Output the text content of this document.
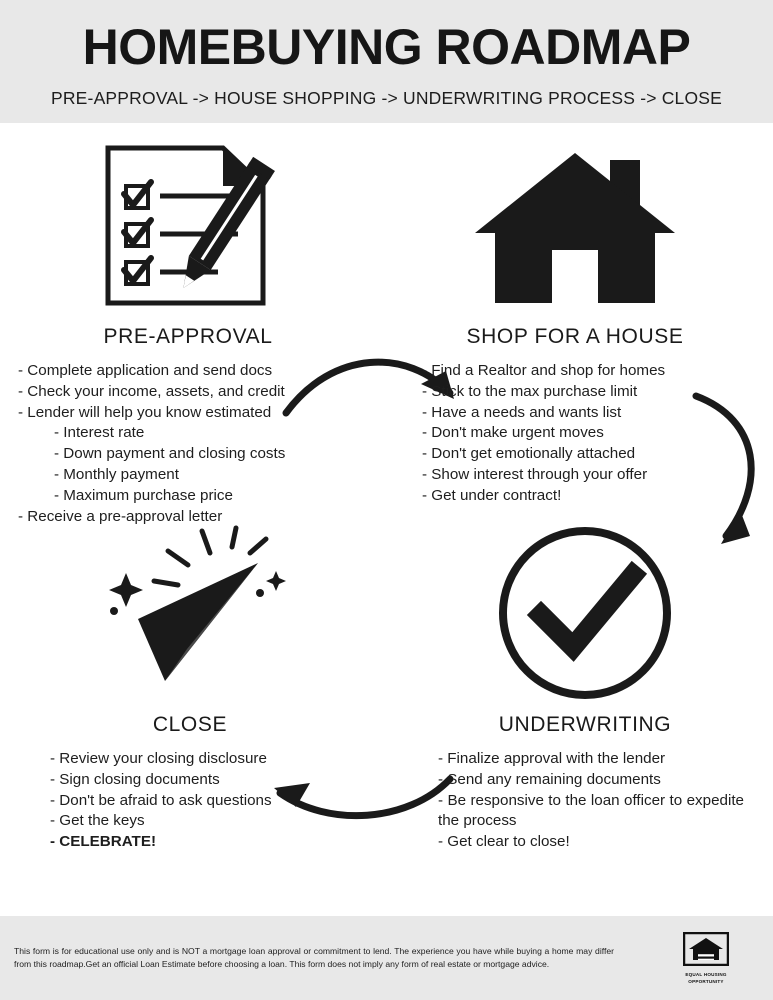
HOMEBUYING ROADMAP

PRE-APPROVAL -> HOUSE SHOPPING -> UNDERWRITING PROCESS -> CLOSE

PRE-APPROVAL
- Complete application and send docs
- Check your income, assets, and credit
- Lender will help you know estimated
- Interest rate
- Down payment and closing costs
- Monthly payment
- Maximum purchase price
- Receive a pre-approval letter
SHOP FOR A HOUSE
- Find a Realtor and shop for homes
- Stick to the max purchase limit
- Have a needs and wants list
- Don't make urgent moves
- Don't get emotionally attached
- Show interest through your offer
- Get under contract!
UNDERWRITING
- Finalize approval with the lender
- Send any remaining documents
- Be responsive to the loan officer to expedite the process
- Get clear to close!
CLOSE
- Review your closing disclosure
- Sign closing documents
- Don't be afraid to ask questions
- Get the keys
- CELEBRATE!
This form is for educational use only and is NOT a mortgage loan approval or commitment to lend. The experience you have while buying a home may differ from this roadmap.Get an official Loan Estimate before choosing a loan. This form does not imply any form of real estate or mortgage advice.
EQUAL HOUSING
OPPORTUNITY
